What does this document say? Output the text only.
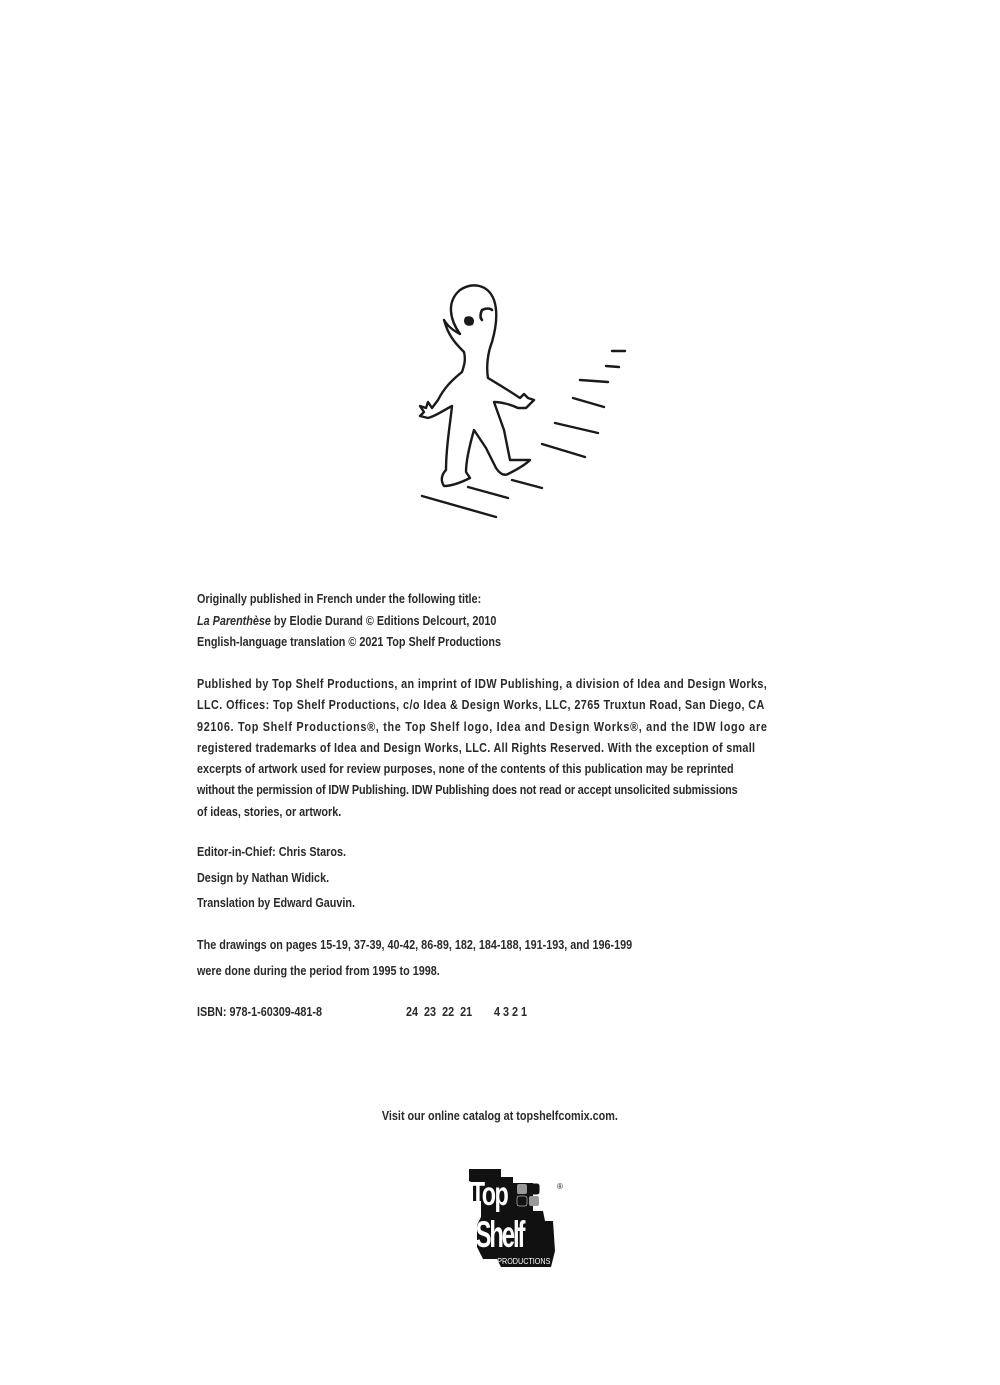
Originally published in French under the following title:
La Parenthèse by Elodie Durand © Editions Delcourt, 2010
English-language translation © 2021 Top Shelf Productions
Published by Top Shelf Productions, an imprint of IDW Publishing, a division of Idea and Design Works,
LLC. Offices: Top Shelf Productions, c/o Idea & Design Works, LLC, 2765 Truxtun Road, San Diego, CA
92106. Top Shelf Productions®, the Top Shelf logo, Idea and Design Works®, and the IDW logo are
registered trademarks of Idea and Design Works, LLC. All Rights Reserved. With the exception of small
excerpts of artwork used for review purposes, none of the contents of this publication may be reprinted
without the permission of IDW Publishing. IDW Publishing does not read or accept unsolicited submissions
of ideas, stories, or artwork.
Editor-in-Chief: Chris Staros.
Design by Nathan Widick.
Translation by Edward Gauvin.
The drawings on pages 15-19, 37-39, 40-42, 86-89, 182, 184-188, 191-193, and 196-199
were done during the period from 1995 to 1998.
ISBN: 978-1-60309-481-8	24  23  22  21	4 3 2 1
Visit our online catalog at topshelfcomix.com.
Top
Shelf
PRODUCTIONS
®
